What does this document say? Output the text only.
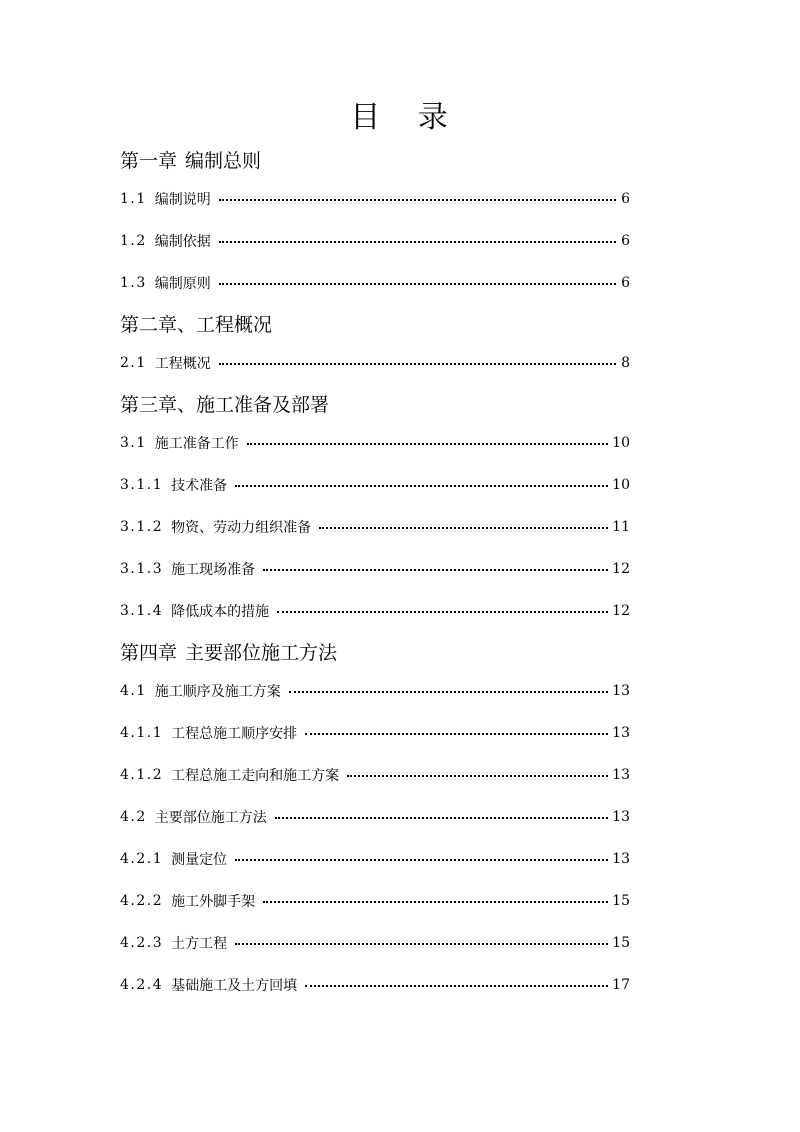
目 录
第一章 编制总则
1.1 编制说明	6
1.2 编制依据	6
1.3 编制原则	6
第二章、 工程概况
2.1 工程概况	8
第三章、 施工准备及部署
3.1 施工准备工作	10
3.1.1 技术准备	10
3.1.2 物资、劳动力组织准备	11
3.1.3 施工现场准备	12
3.1.4 降低成本的措施	12
第四章 主要部位施工方法
4.1 施工顺序及施工方案	13
4.1.1 工程总施工顺序安排	13
4.1.2 工程总施工走向和施工方案	13
4.2 主要部位施工方法	13
4.2.1 测量定位	13
4.2.2 施工外脚手架	15
4.2.3 土方工程	15
4.2.4 基础施工及土方回填	17
